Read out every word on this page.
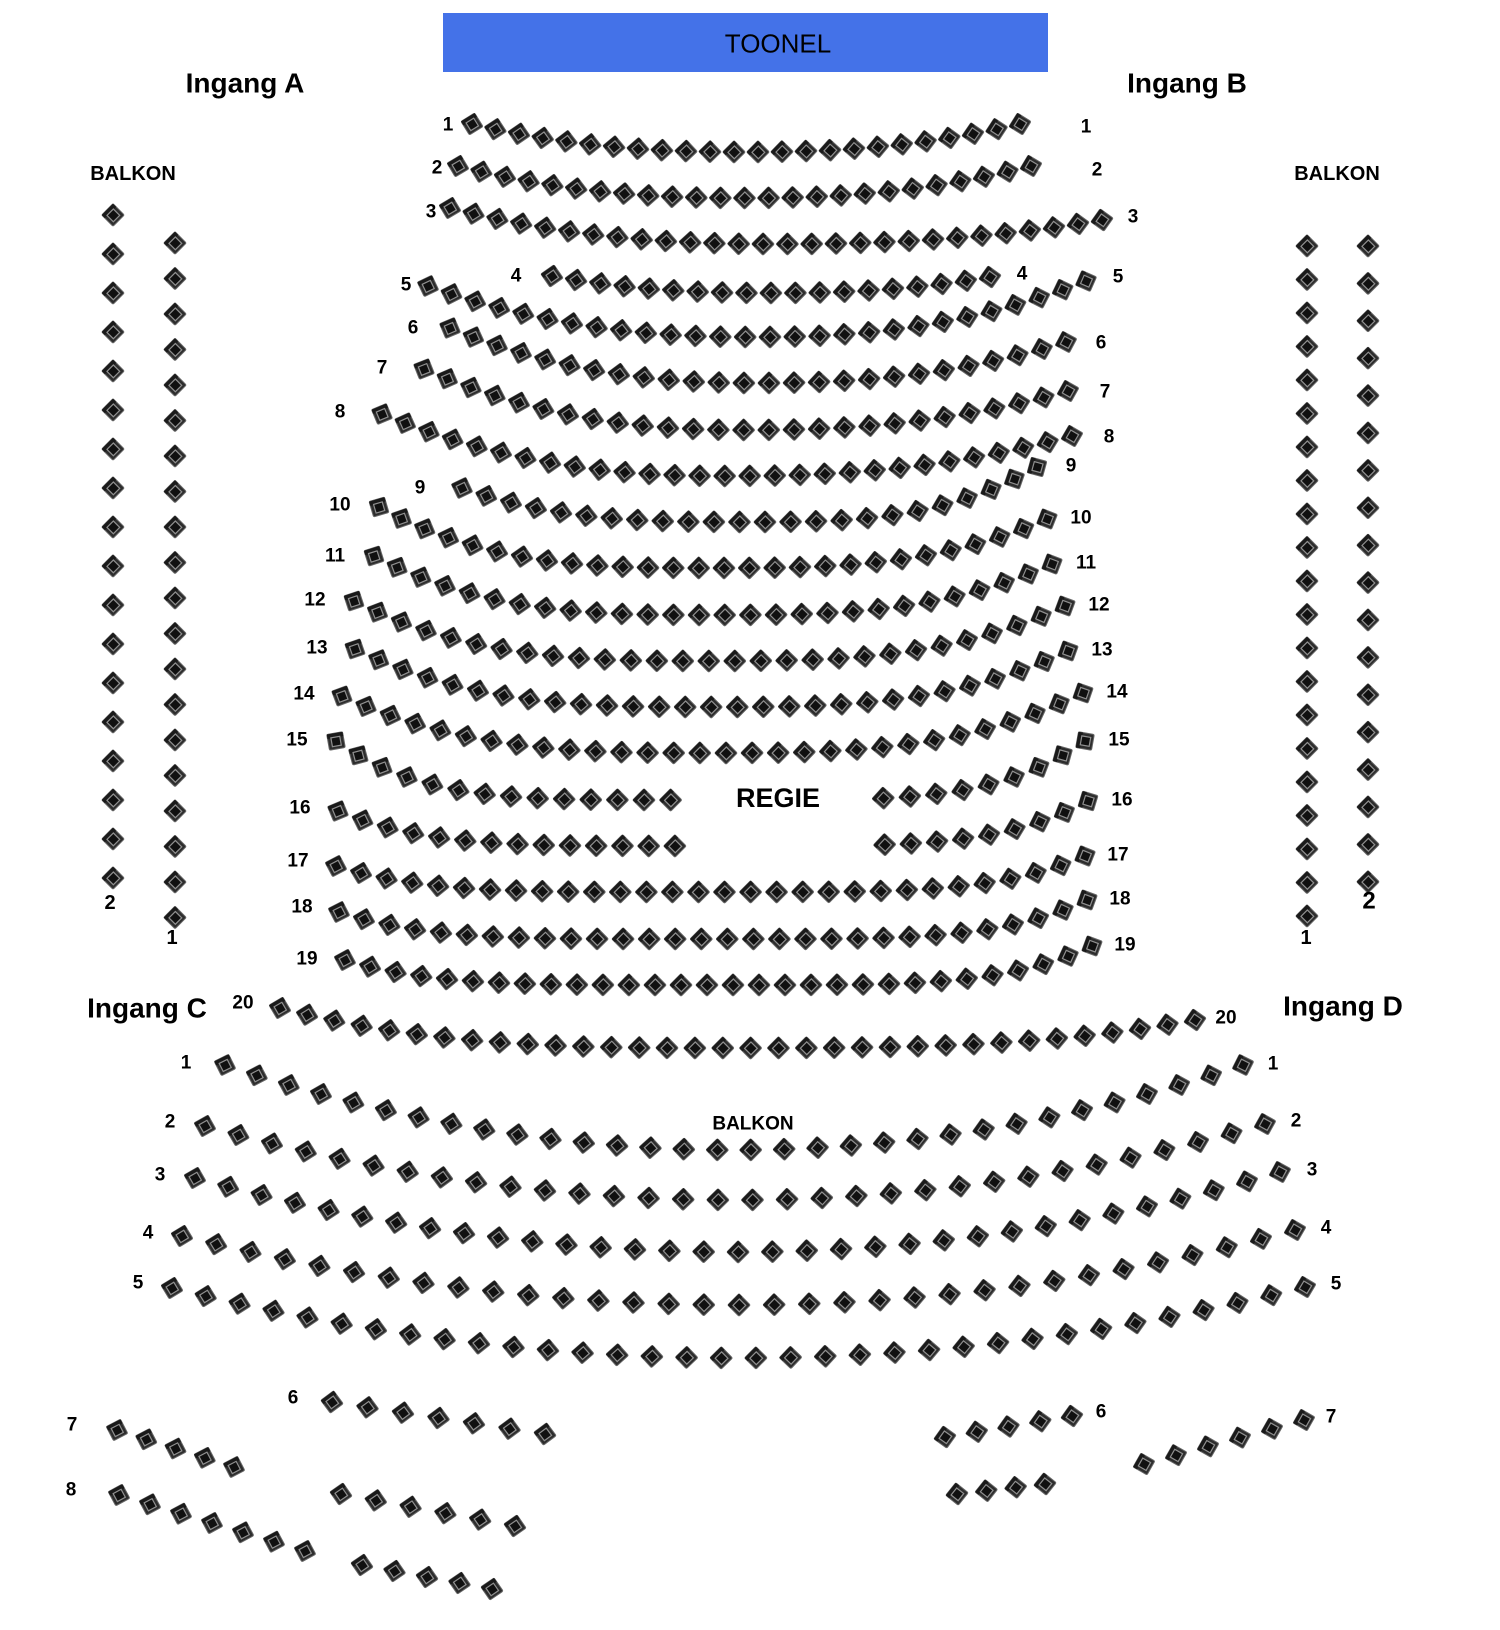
TOONEL
Ingang A	Ingang B
Ingang C	Ingang D
BALKON	BALKON
BALKON
REGIE
2
1	1
2
1	1
2	2
3	3
4	4
5	5
6
6
7
7
8
8
9
9
10
10
11	11
12	12
13	13
14	14
15	15
16	16
17	17
18	18
19
19
20
20
1	1
2	2
3	3
4	4
5	5
6
6
7	7
8
